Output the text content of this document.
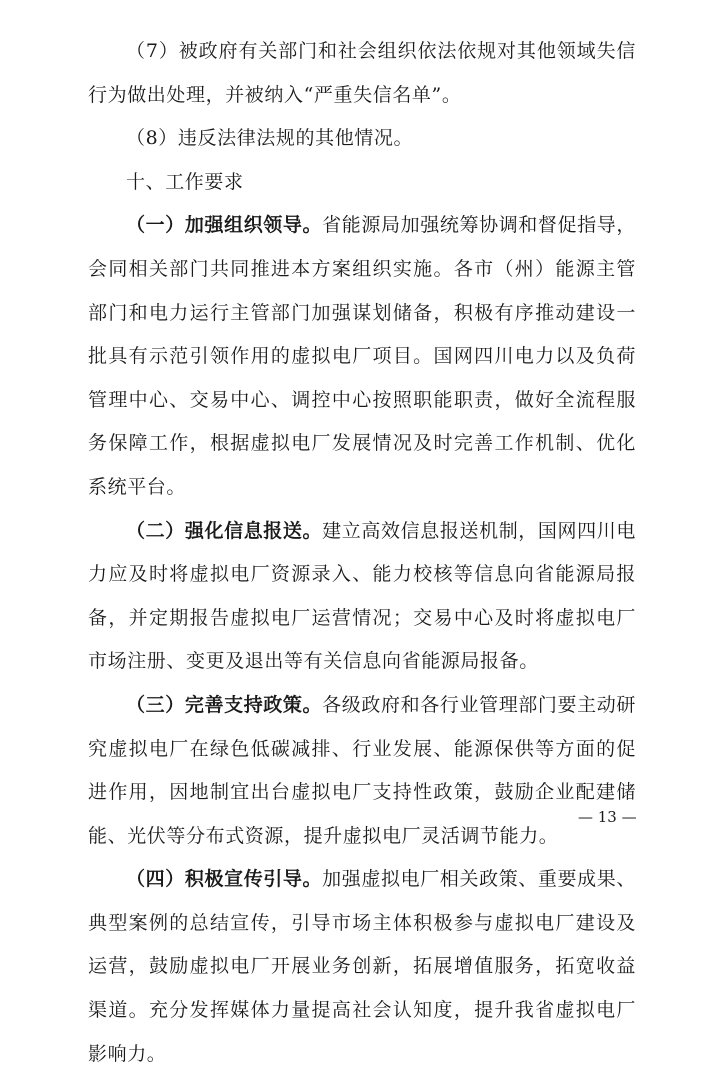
（7）被政府有关部门和社会组织依法依规对其他领域失信行为做出处理，并被纳入“严重失信名单”。

（8）违反法律法规的其他情况。

十、工作要求

（一）加强组织领导。省能源局加强统筹协调和督促指导，会同相关部门共同推进本方案组织实施。各市（州）能源主管部门和电力运行主管部门加强谋划储备，积极有序推动建设一批具有示范引领作用的虚拟电厂项目。国网四川电力以及负荷管理中心、交易中心、调控中心按照职能职责，做好全流程服务保障工作，根据虚拟电厂发展情况及时完善工作机制、优化系统平台。

（二）强化信息报送。建立高效信息报送机制，国网四川电力应及时将虚拟电厂资源录入、能力校核等信息向省能源局报备，并定期报告虚拟电厂运营情况；交易中心及时将虚拟电厂市场注册、变更及退出等有关信息向省能源局报备。

（三）完善支持政策。各级政府和各行业管理部门要主动研究虚拟电厂在绿色低碳减排、行业发展、能源保供等方面的促进作用，因地制宜出台虚拟电厂支持性政策，鼓励企业配建储能、光伏等分布式资源，提升虚拟电厂灵活调节能力。

（四）积极宣传引导。加强虚拟电厂相关政策、重要成果、典型案例的总结宣传，引导市场主体积极参与虚拟电厂建设及运营，鼓励虚拟电厂开展业务创新，拓展增值服务，拓宽收益渠道。充分发挥媒体力量提高社会认知度，提升我省虚拟电厂影响力。

— 13 —
